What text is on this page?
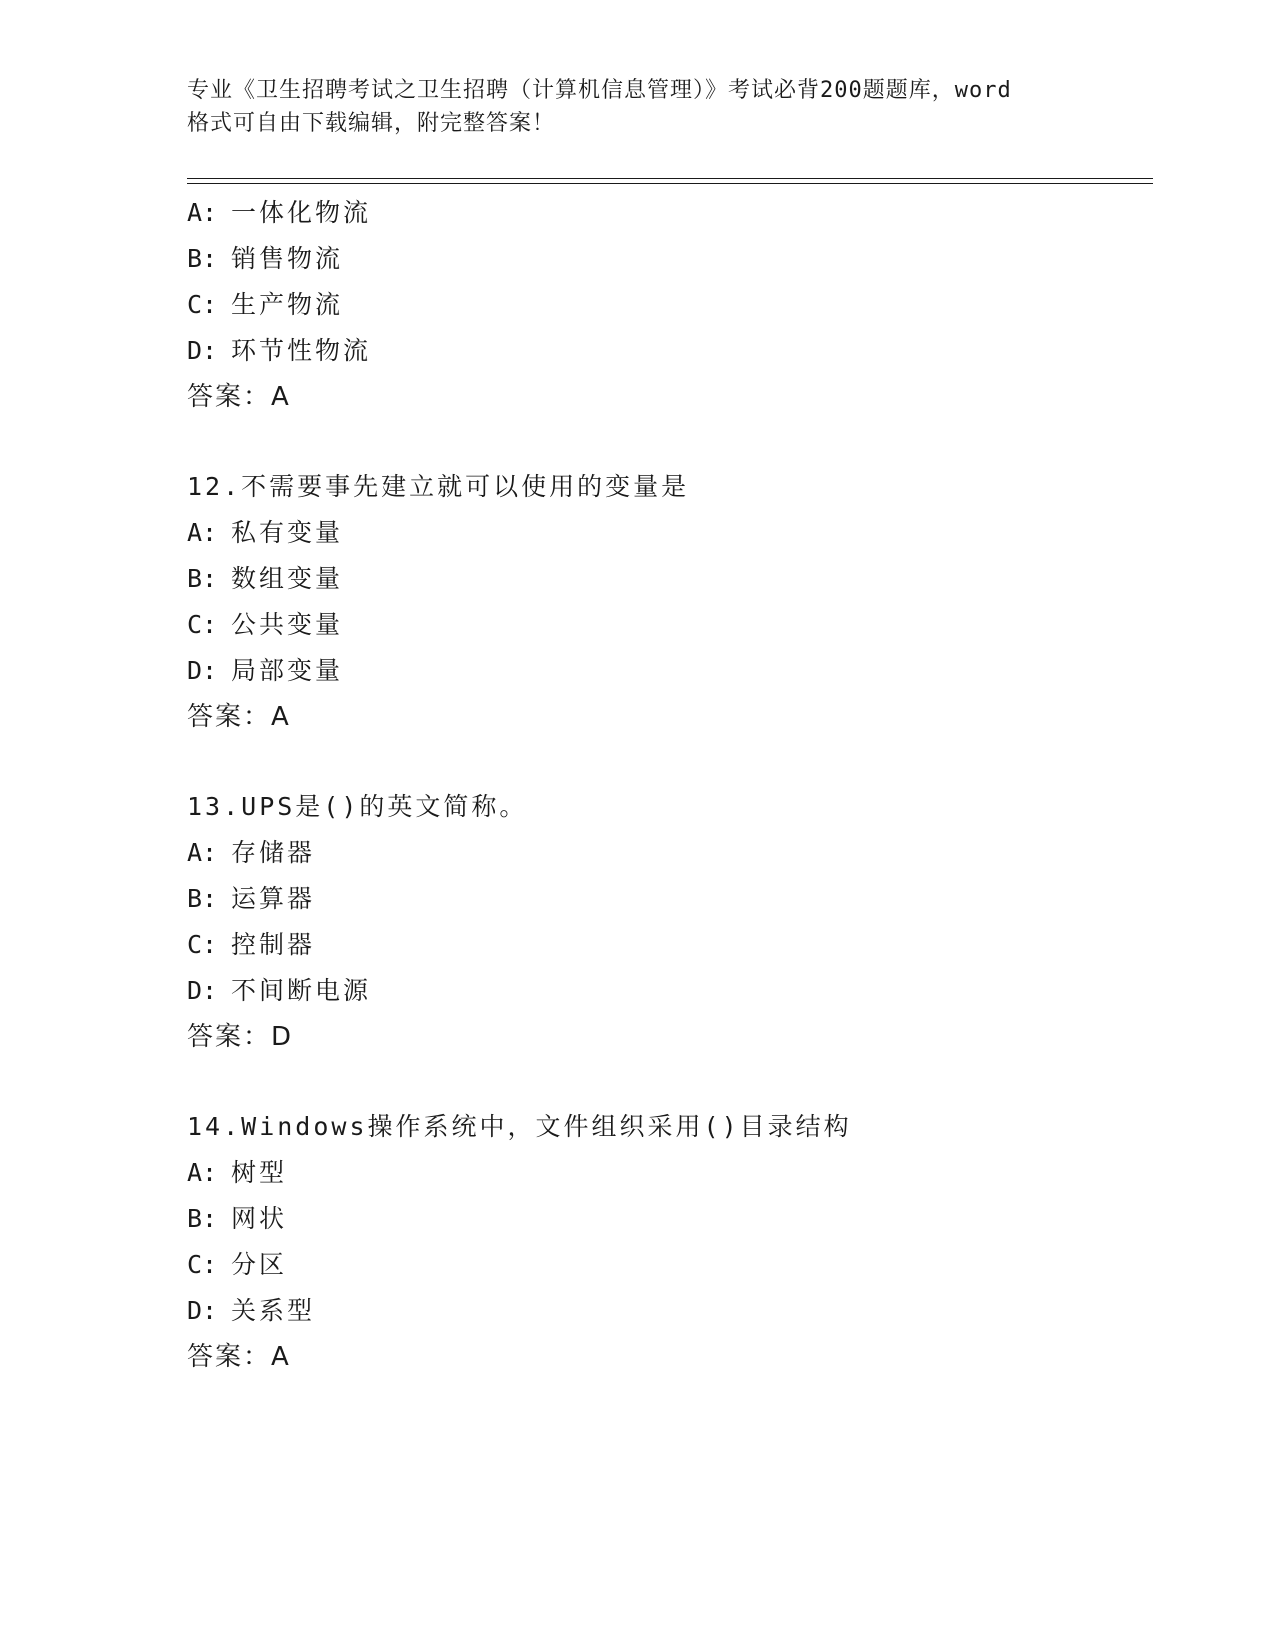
专业《卫生招聘考试之卫生招聘（计算机信息管理）》考试必背200题题库，word
格式可自由下载编辑，附完整答案！
A: 一体化物流
B: 销售物流
C: 生产物流
D: 环节性物流
答案：A
12.不需要事先建立就可以使用的变量是
A: 私有变量
B: 数组变量
C: 公共变量
D: 局部变量
答案：A
13.UPS是()的英文简称。
A: 存储器
B: 运算器
C: 控制器
D: 不间断电源
答案：D
14.Windows操作系统中，文件组织采用()目录结构
A: 树型
B: 网状
C: 分区
D: 关系型
答案：A
